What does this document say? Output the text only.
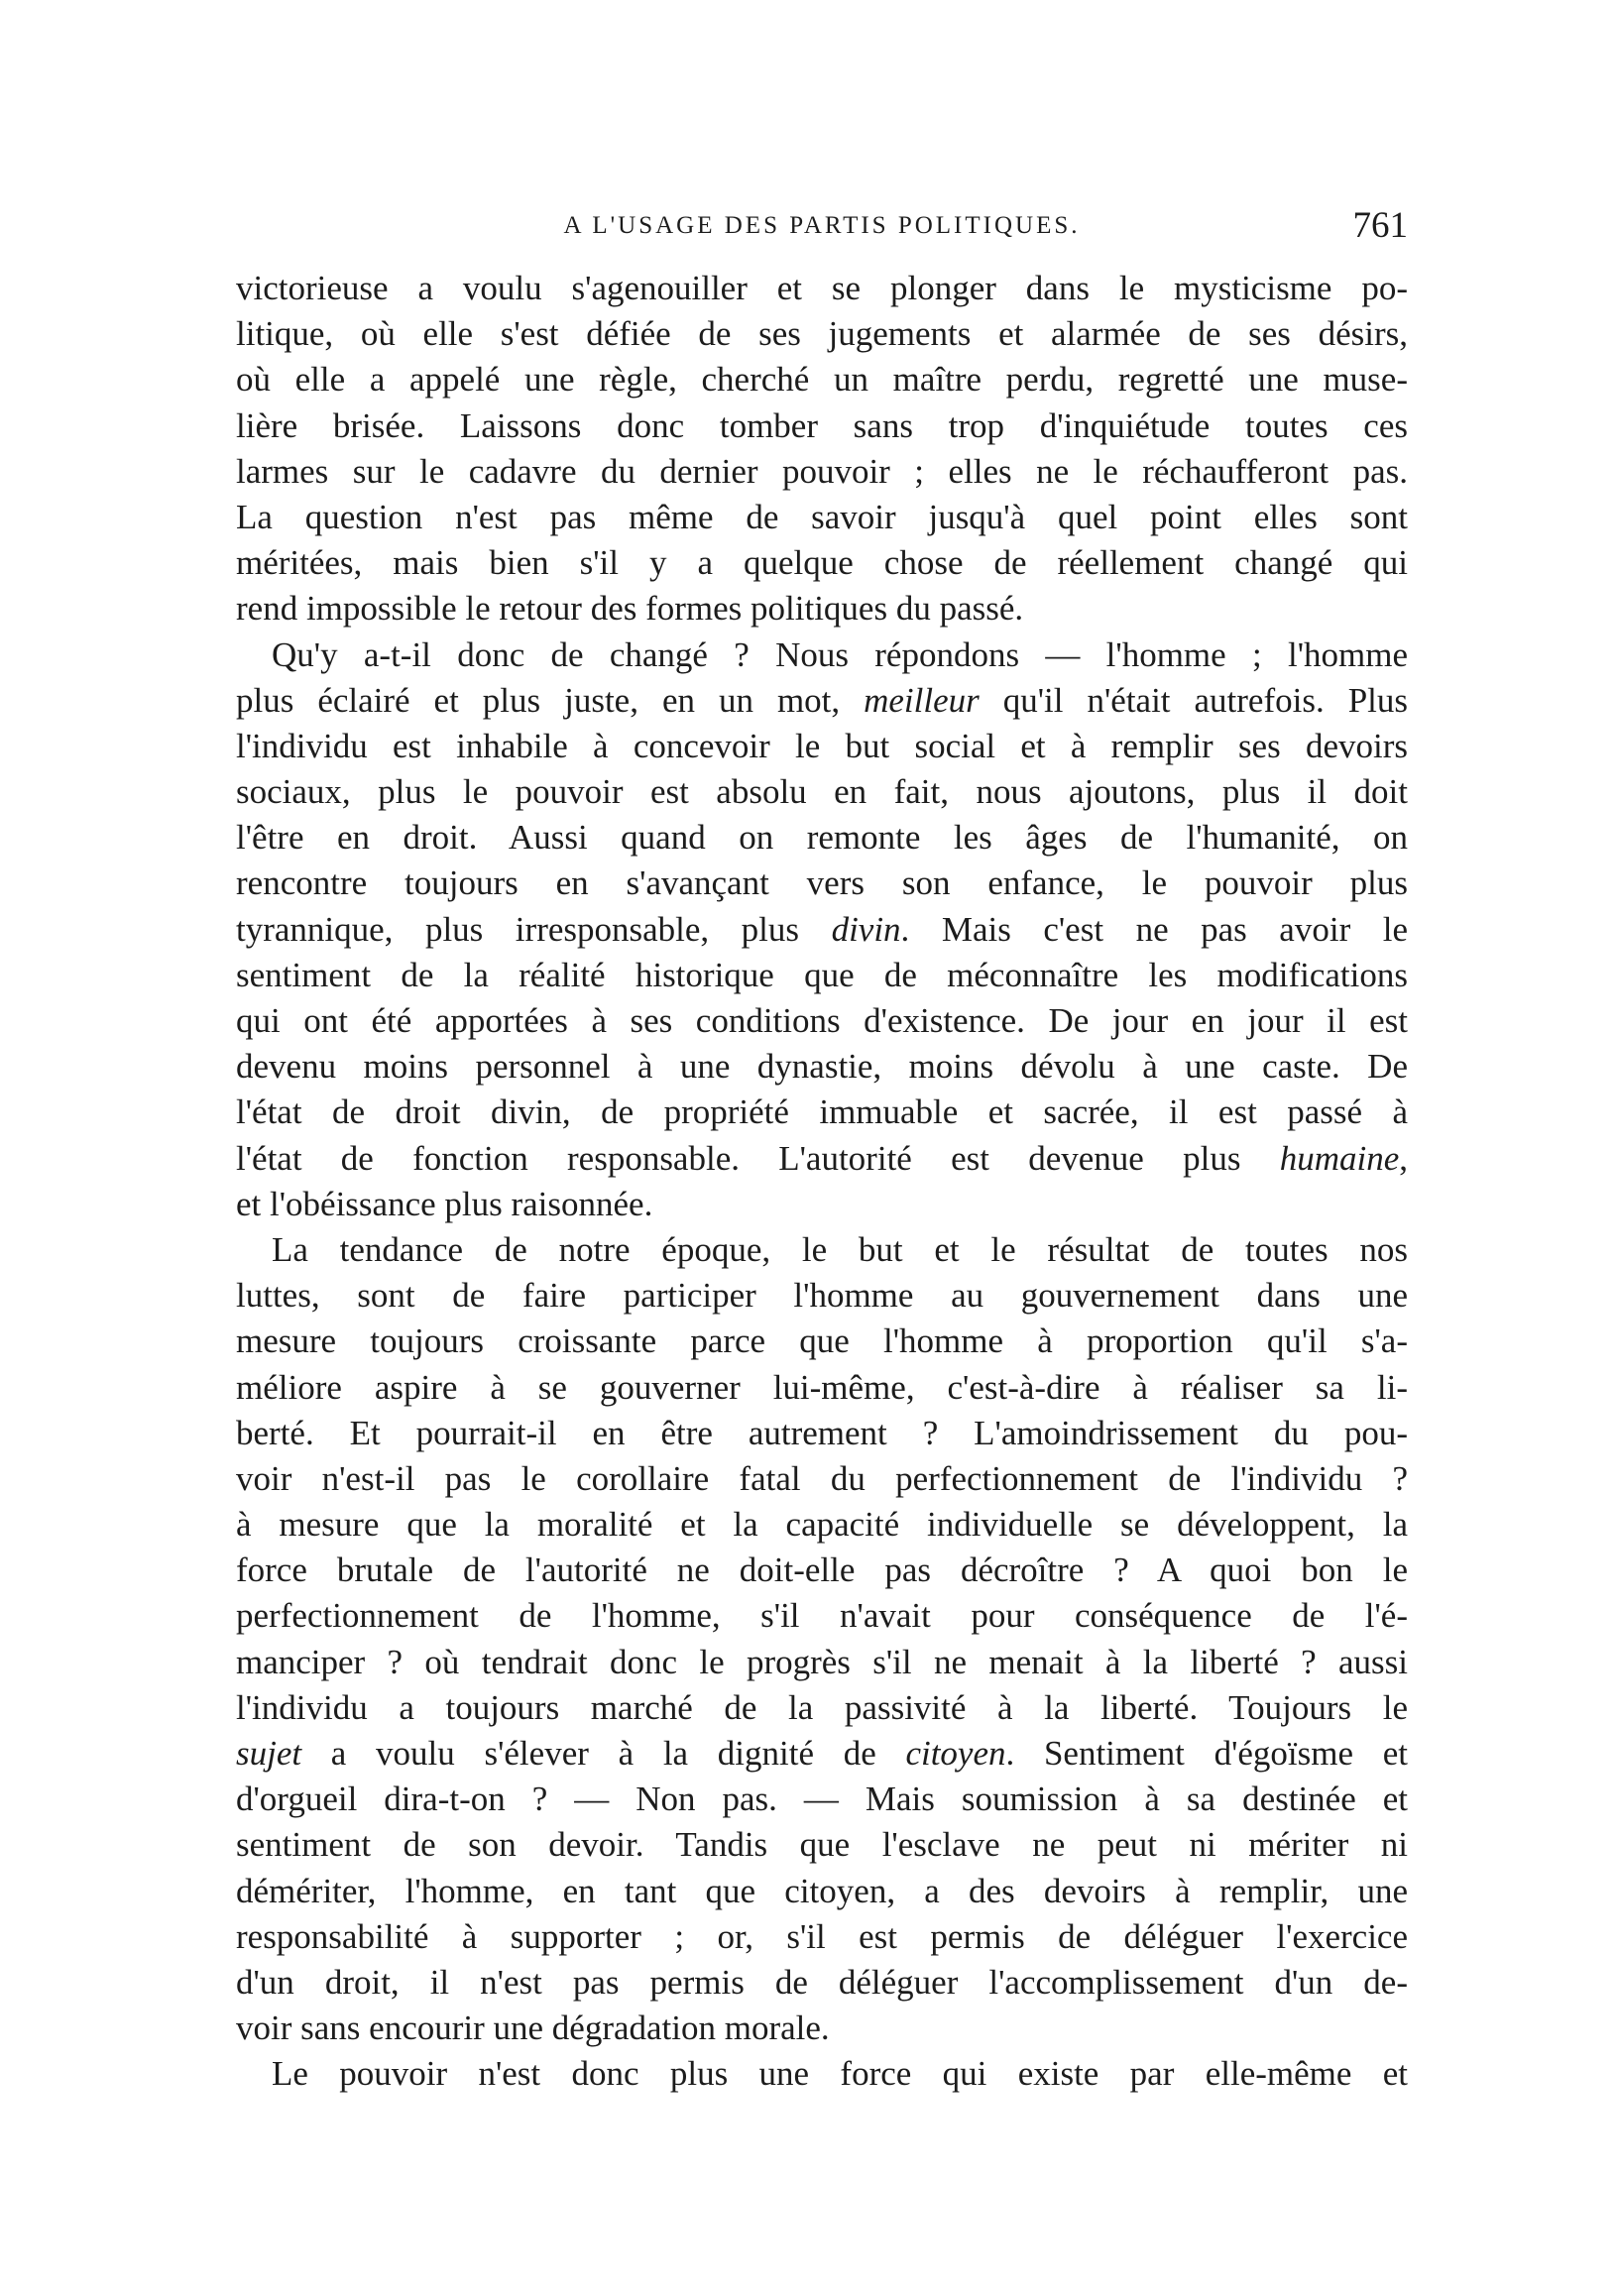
A L'USAGE DES PARTIS POLITIQUES.	761
victorieuse a voulu s'agenouiller et se plonger dans le mysticisme po-
litique, où elle s'est défiée de ses jugements et alarmée de ses désirs,
où elle a appelé une règle, cherché un maître perdu, regretté une muse-
lière brisée. Laissons donc tomber sans trop d'inquiétude toutes ces
larmes sur le cadavre du dernier pouvoir ; elles ne le réchaufferont pas.
La question n'est pas même de savoir jusqu'à quel point elles sont
méritées, mais bien s'il y a quelque chose de réellement changé qui
rend impossible le retour des formes politiques du passé.
Qu'y a-t-il donc de changé ? Nous répondons — l'homme ; l'homme
plus éclairé et plus juste, en un mot, meilleur qu'il n'était autrefois. Plus
l'individu est inhabile à concevoir le but social et à remplir ses devoirs
sociaux, plus le pouvoir est absolu en fait, nous ajoutons, plus il doit
l'être en droit. Aussi quand on remonte les âges de l'humanité, on
rencontre toujours en s'avançant vers son enfance, le pouvoir plus
tyrannique, plus irresponsable, plus divin. Mais c'est ne pas avoir le
sentiment de la réalité historique que de méconnaître les modifications
qui ont été apportées à ses conditions d'existence. De jour en jour il est
devenu moins personnel à une dynastie, moins dévolu à une caste. De
l'état de droit divin, de propriété immuable et sacrée, il est passé à
l'état de fonction responsable. L'autorité est devenue plus humaine,
et l'obéissance plus raisonnée.
La tendance de notre époque, le but et le résultat de toutes nos
luttes, sont de faire participer l'homme au gouvernement dans une
mesure toujours croissante parce que l'homme à proportion qu'il s'a-
méliore aspire à se gouverner lui-même, c'est-à-dire à réaliser sa li-
berté. Et pourrait-il en être autrement ? L'amoindrissement du pou-
voir n'est-il pas le corollaire fatal du perfectionnement de l'individu ?
à mesure que la moralité et la capacité individuelle se développent, la
force brutale de l'autorité ne doit-elle pas décroître ? A quoi bon le
perfectionnement de l'homme, s'il n'avait pour conséquence de l'é-
manciper ? où tendrait donc le progrès s'il ne menait à la liberté ? aussi
l'individu a toujours marché de la passivité à la liberté. Toujours le
sujet a voulu s'élever à la dignité de citoyen. Sentiment d'égoïsme et
d'orgueil dira-t-on ? — Non pas. — Mais soumission à sa destinée et
sentiment de son devoir. Tandis que l'esclave ne peut ni mériter ni
démériter, l'homme, en tant que citoyen, a des devoirs à remplir, une
responsabilité à supporter ; or, s'il est permis de déléguer l'exercice
d'un droit, il n'est pas permis de déléguer l'accomplissement d'un de-
voir sans encourir une dégradation morale.
Le pouvoir n'est donc plus une force qui existe par elle-même et
